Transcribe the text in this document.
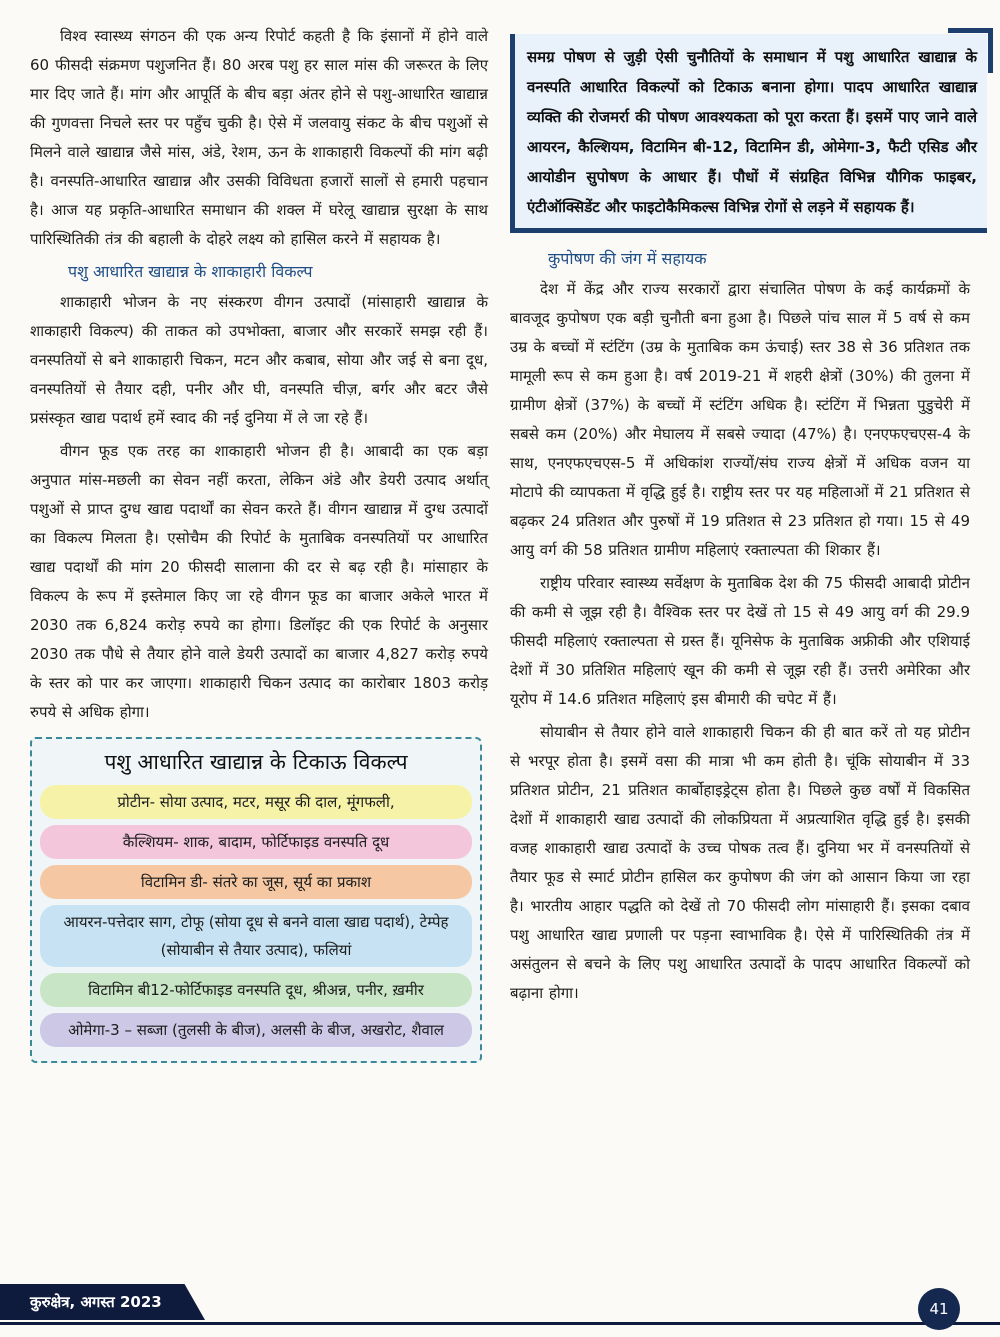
विश्व स्वास्थ्य संगठन की एक अन्य रिपोर्ट कहती है कि इंसानों में होने वाले 60 फीसदी संक्रमण पशुजनित हैं। 80 अरब पशु हर साल मांस की जरूरत के लिए मार दिए जाते हैं। मांग और आपूर्ति के बीच बड़ा अंतर होने से पशु-आधारित खाद्यान्न की गुणवत्ता निचले स्तर पर पहुँच चुकी है। ऐसे में जलवायु संकट के बीच पशुओं से मिलने वाले खाद्यान्न जैसे मांस, अंडे, रेशम, ऊन के शाकाहारी विकल्पों की मांग बढ़ी है। वनस्पति-आधारित खाद्यान्न और उसकी विविधता हजारों सालों से हमारी पहचान है। आज यह प्रकृति-आधारित समाधान की शक्ल में घरेलू खाद्यान्न सुरक्षा के साथ पारिस्थितिकी तंत्र की बहाली के दोहरे लक्ष्य को हासिल करने में सहायक है।

पशु आधारित खाद्यान्न के शाकाहारी विकल्प

शाकाहारी भोजन के नए संस्करण वीगन उत्पादों (मांसाहारी खाद्यान्न के शाकाहारी विकल्प) की ताकत को उपभोक्ता, बाजार और सरकारें समझ रही हैं। वनस्पतियों से बने शाकाहारी चिकन, मटन और कबाब, सोया और जई से बना दूध, वनस्पतियों से तैयार दही, पनीर और घी, वनस्पति चीज़, बर्गर और बटर जैसे प्रसंस्कृत खाद्य पदार्थ हमें स्वाद की नई दुनिया में ले जा रहे हैं।

वीगन फूड एक तरह का शाकाहारी भोजन ही है। आबादी का एक बड़ा अनुपात मांस-मछली का सेवन नहीं करता, लेकिन अंडे और डेयरी उत्पाद अर्थात् पशुओं से प्राप्त दुग्ध खाद्य पदार्थों का सेवन करते हैं। वीगन खाद्यान्न में दुग्ध उत्पादों का विकल्प मिलता है। एसोचैम की रिपोर्ट के मुताबिक वनस्पतियों पर आधारित खाद्य पदार्थों की मांग 20 फीसदी सालाना की दर से बढ़ रही है। मांसाहार के विकल्प के रूप में इस्तेमाल किए जा रहे वीगन फूड का बाजार अकेले भारत में 2030 तक 6,824 करोड़ रुपये का होगा। डिलॉइट की एक रिपोर्ट के अनुसार 2030 तक पौधे से तैयार होने वाले डेयरी उत्पादों का बाजार 4,827 करोड़ रुपये के स्तर को पार कर जाएगा। शाकाहारी चिकन उत्पाद का कारोबार 1803 करोड़ रुपये से अधिक होगा।

पशु आधारित खाद्यान्न के टिकाऊ विकल्प
प्रोटीन- सोया उत्पाद, मटर, मसूर की दाल, मूंगफली,
कैल्शियम- शाक, बादाम, फोर्टिफाइड वनस्पति दूध
विटामिन डी- संतरे का जूस, सूर्य का प्रकाश
आयरन-पत्तेदार साग, टोफू (सोया दूध से बनने वाला खाद्य पदार्थ), टेम्पेह (सोयाबीन से तैयार उत्पाद), फलियां
विटामिन बी12-फोर्टिफाइड वनस्पति दूध, श्रीअन्न, पनीर, ख़मीर
ओमेगा-3 – सब्जा (तुलसी के बीज), अलसी के बीज, अखरोट, शैवाल

समग्र पोषण से जुड़ी ऐसी चुनौतियों के समाधान में पशु आधारित खाद्यान्न के वनस्पति आधारित विकल्पों को टिकाऊ बनाना होगा। पादप आधारित खाद्यान्न व्यक्ति की रोजमर्रा की पोषण आवश्यकता को पूरा करता हैं। इसमें पाए जाने वाले आयरन, कैल्शियम, विटामिन बी-12, विटामिन डी, ओमेगा-3, फैटी एसिड और आयोडीन सुपोषण के आधार हैं। पौधों में संग्रहित विभिन्न यौगिक फाइबर, एंटीऑक्सिडेंट और फाइटोकैमिकल्स विभिन्न रोगों से लड़ने में सहायक हैं।

कुपोषण की जंग में सहायक

देश में केंद्र और राज्य सरकारों द्वारा संचालित पोषण के कई कार्यक्रमों के बावजूद कुपोषण एक बड़ी चुनौती बना हुआ है। पिछले पांच साल में 5 वर्ष से कम उम्र के बच्चों में स्टंटिंग (उम्र के मुताबिक कम ऊंचाई) स्तर 38 से 36 प्रतिशत तक मामूली रूप से कम हुआ है। वर्ष 2019-21 में शहरी क्षेत्रों (30%) की तुलना में ग्रामीण क्षेत्रों (37%) के बच्चों में स्टंटिंग अधिक है। स्टंटिंग में भिन्नता पुडुचेरी में सबसे कम (20%) और मेघालय में सबसे ज्यादा (47%) है। एनएफएचएस-4 के साथ, एनएफएचएस-5 में अधिकांश राज्यों/संघ राज्य क्षेत्रों में अधिक वजन या मोटापे की व्यापकता में वृद्धि हुई है। राष्ट्रीय स्तर पर यह महिलाओं में 21 प्रतिशत से बढ़कर 24 प्रतिशत और पुरुषों में 19 प्रतिशत से 23 प्रतिशत हो गया। 15 से 49 आयु वर्ग की 58 प्रतिशत ग्रामीण महिलाएं रक्ताल्पता की शिकार हैं।

राष्ट्रीय परिवार स्वास्थ्य सर्वेक्षण के मुताबिक देश की 75 फीसदी आबादी प्रोटीन की कमी से जूझ रही है। वैश्विक स्तर पर देखें तो 15 से 49 आयु वर्ग की 29.9 फीसदी महिलाएं रक्ताल्पता से ग्रस्त हैं। यूनिसेफ के मुताबिक अफ्रीकी और एशियाई देशों में 30 प्रतिशित महिलाएं खून की कमी से जूझ रही हैं। उत्तरी अमेरिका और यूरोप में 14.6 प्रतिशत महिलाएं इस बीमारी की चपेट में हैं।

सोयाबीन से तैयार होने वाले शाकाहारी चिकन की ही बात करें तो यह प्रोटीन से भरपूर होता है। इसमें वसा की मात्रा भी कम होती है। चूंकि सोयाबीन में 33 प्रतिशत प्रोटीन, 21 प्रतिशत कार्बोहाइड्रेट्स होता है। पिछले कुछ वर्षों में विकसित देशों में शाकाहारी खाद्य उत्पादों की लोकप्रियता में अप्रत्याशित वृद्धि हुई है। इसकी वजह शाकाहारी खाद्य उत्पादों के उच्च पोषक तत्व हैं। दुनिया भर में वनस्पतियों से तैयार फूड से स्मार्ट प्रोटीन हासिल कर कुपोषण की जंग को आसान किया जा रहा है। भारतीय आहार पद्धति को देखें तो 70 फीसदी लोग मांसाहारी हैं। इसका दबाव पशु आधारित खाद्य प्रणाली पर पड़ना स्वाभाविक है। ऐसे में पारिस्थितिकी तंत्र में असंतुलन से बचने के लिए पशु आधारित उत्पादों के पादप आधारित विकल्पों को बढ़ाना होगा।

कुरुक्षेत्र, अगस्त 2023	41
